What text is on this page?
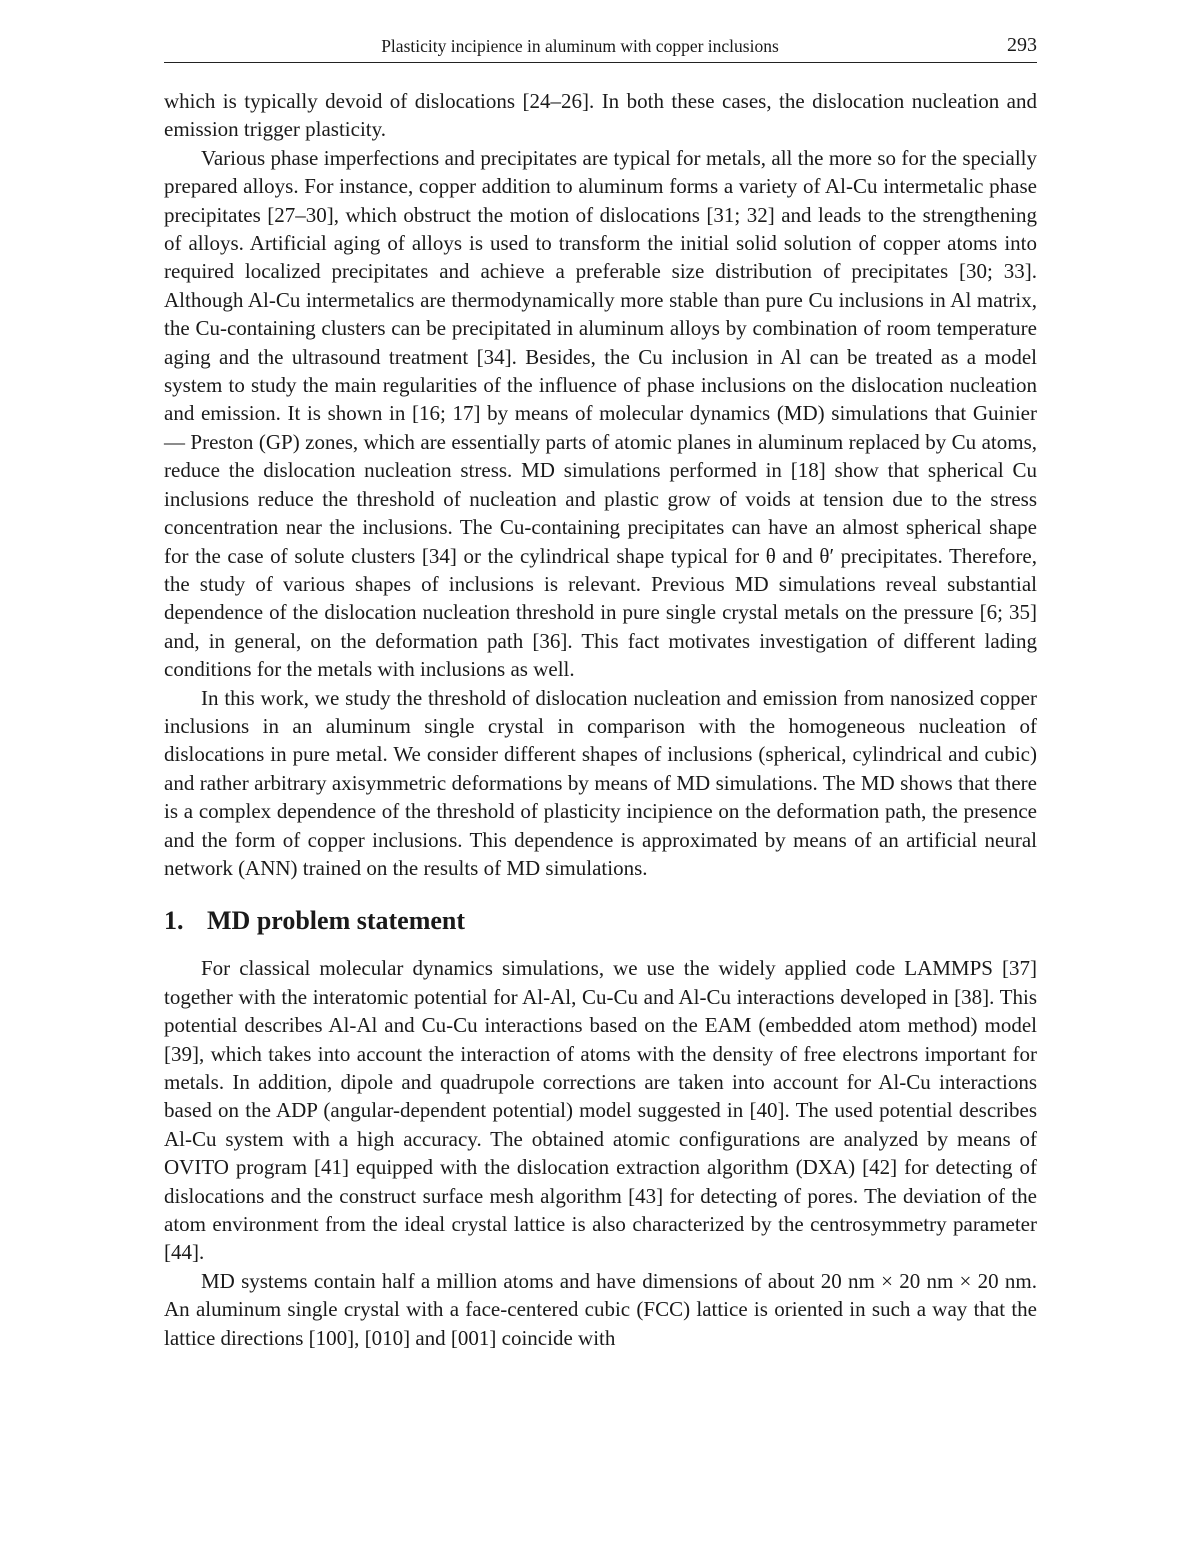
Plasticity incipience in aluminum with copper inclusions	293

which is typically devoid of dislocations [24–26]. In both these cases, the dislocation nucleation and emission trigger plasticity.

Various phase imperfections and precipitates are typical for metals, all the more so for the specially prepared alloys. For instance, copper addition to aluminum forms a variety of Al-Cu intermetalic phase precipitates [27–30], which obstruct the motion of dislocations [31; 32] and leads to the strengthening of alloys. Artificial aging of alloys is used to transform the initial solid solution of copper atoms into required localized precipitates and achieve a preferable size distribution of precipitates [30; 33]. Although Al-Cu intermetalics are thermodynamically more stable than pure Cu inclusions in Al matrix, the Cu-containing clusters can be precipitated in aluminum alloys by combination of room temperature aging and the ultrasound treatment [34]. Besides, the Cu inclusion in Al can be treated as a model system to study the main regularities of the influence of phase inclusions on the dislocation nucleation and emission. It is shown in [16; 17] by means of molecular dynamics (MD) simulations that Guinier — Preston (GP) zones, which are essentially parts of atomic planes in aluminum replaced by Cu atoms, reduce the dislocation nucleation stress. MD simulations performed in [18] show that spherical Cu inclusions reduce the threshold of nucleation and plastic grow of voids at tension due to the stress concentration near the inclusions. The Cu-containing precipitates can have an almost spherical shape for the case of solute clusters [34] or the cylindrical shape typical for θ and θ′ precipitates. Therefore, the study of various shapes of inclusions is relevant. Previous MD simulations reveal substantial dependence of the dislocation nucleation threshold in pure single crystal metals on the pressure [6; 35] and, in general, on the deformation path [36]. This fact motivates investigation of different lading conditions for the metals with inclusions as well.

In this work, we study the threshold of dislocation nucleation and emission from nanosized copper inclusions in an aluminum single crystal in comparison with the homogeneous nucleation of dislocations in pure metal. We consider different shapes of inclusions (spherical, cylindrical and cubic) and rather arbitrary axisymmetric deformations by means of MD simulations. The MD shows that there is a complex dependence of the threshold of plasticity incipience on the deformation path, the presence and the form of copper inclusions. This dependence is approximated by means of an artificial neural network (ANN) trained on the results of MD simulations.

1. MD problem statement

For classical molecular dynamics simulations, we use the widely applied code LAMMPS [37] together with the interatomic potential for Al-Al, Cu-Cu and Al-Cu interactions developed in [38]. This potential describes Al-Al and Cu-Cu interactions based on the EAM (embedded atom method) model [39], which takes into account the interaction of atoms with the density of free electrons important for metals. In addition, dipole and quadrupole corrections are taken into account for Al-Cu interactions based on the ADP (angular-dependent potential) model suggested in [40]. The used potential describes Al-Cu system with a high accuracy. The obtained atomic configurations are analyzed by means of OVITO program [41] equipped with the dislocation extraction algorithm (DXA) [42] for detecting of dislocations and the construct surface mesh algorithm [43] for detecting of pores. The deviation of the atom environment from the ideal crystal lattice is also characterized by the centrosymmetry parameter [44].

MD systems contain half a million atoms and have dimensions of about 20 nm × 20 nm × 20 nm. An aluminum single crystal with a face-centered cubic (FCC) lattice is oriented in such a way that the lattice directions [100], [010] and [001] coincide with
